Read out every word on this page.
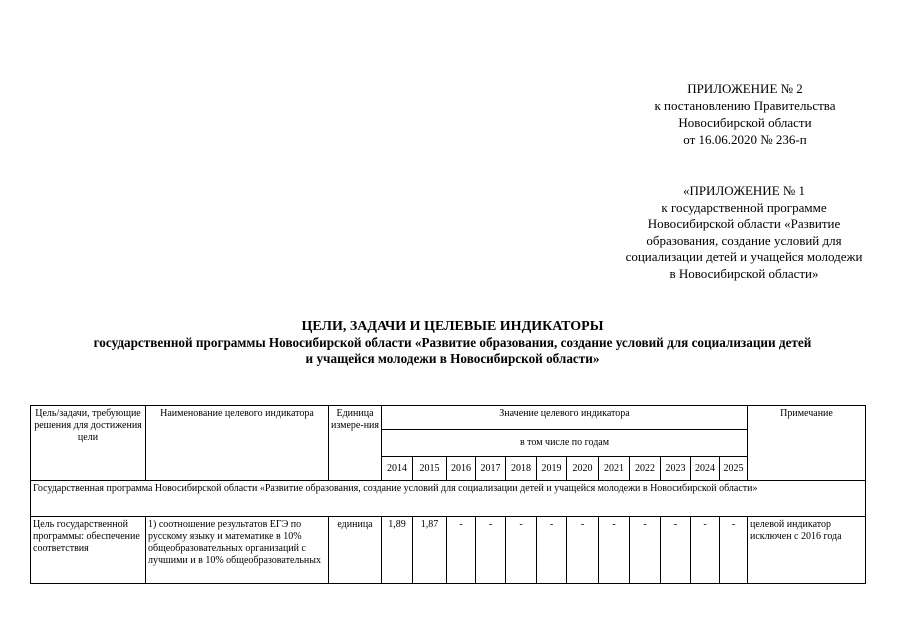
ПРИЛОЖЕНИЕ № 2
к постановлению Правительства
Новосибирской области
от 16.06.2020 № 236-п
«ПРИЛОЖЕНИЕ № 1
к государственной программе
Новосибирской области «Развитие
образования, создание условий для
социализации детей и учащейся молодежи
в Новосибирской области»
ЦЕЛИ, ЗАДАЧИ И ЦЕЛЕВЫЕ ИНДИКАТОРЫ
государственной программы Новосибирской области «Развитие образования, создание условий для социализации детей
и учащейся молодежи в Новосибирской области»
Цель/задачи, требующие решения для достижения цели	Наименование целевого индикатора	Единица измере-ния	Значение целевого индикатора												Примечание
			в том числе по годам												
			2014	2015	2016	2017	2018	2019	2020	2021	2022	2023	2024	2025	
Государственная программа Новосибирской области «Развитие образования, создание условий для социализации детей и учащейся молодежи в Новосибирской области»															

Цель государственной программы: обеспечение соответствия	1) соотношение результатов ЕГЭ по русскому языку и математике в 10% общеобразовательных организаций с лучшими и в 10% общеобразовательных	единица	1,89	1,87	-	-	-	-	-	-	-	-	-	-	целевой индикатор исключен с 2016 года
